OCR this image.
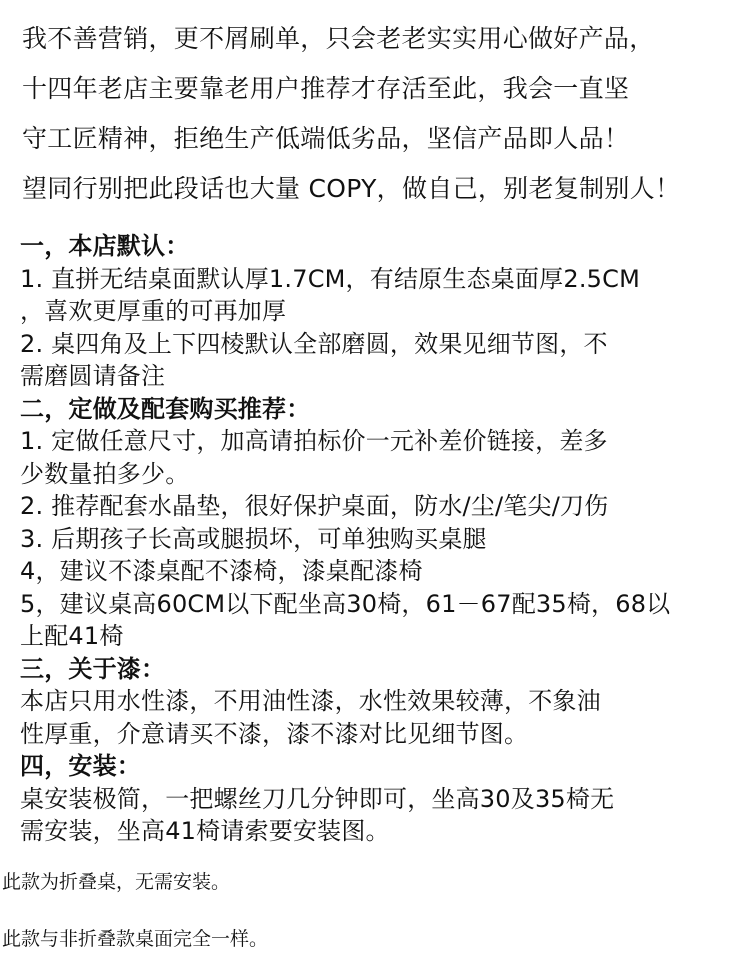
我不善营销，更不屑刷单，只会老老实实用心做好产品，
十四年老店主要靠老用户推荐才存活至此，我会一直坚
守工匠精神，拒绝生产低端低劣品，坚信产品即人品！
望同行别把此段话也大量 COPY，做自己，别老复制别人！
一，本店默认：
1. 直拼无结桌面默认厚1.7CM，有结原生态桌面厚2.5CM
，喜欢更厚重的可再加厚
2. 桌四角及上下四棱默认全部磨圆，效果见细节图，不
需磨圆请备注
二，定做及配套购买推荐：
1. 定做任意尺寸，加高请拍标价一元补差价链接，差多
少数量拍多少。
2. 推荐配套水晶垫，很好保护桌面，防水/尘/笔尖/刀伤
3. 后期孩子长高或腿损坏，可单独购买桌腿
4，建议不漆桌配不漆椅，漆桌配漆椅
5，建议桌高60CM以下配坐高30椅，61－67配35椅，68以
上配41椅
三，关于漆：
本店只用水性漆，不用油性漆，水性效果较薄，不象油
性厚重，介意请买不漆，漆不漆对比见细节图。
四，安装：
桌安装极简，一把螺丝刀几分钟即可，坐高30及35椅无
需安装，坐高41椅请索要安装图。
此款为折叠桌，无需安装。
此款与非折叠款桌面完全一样。
